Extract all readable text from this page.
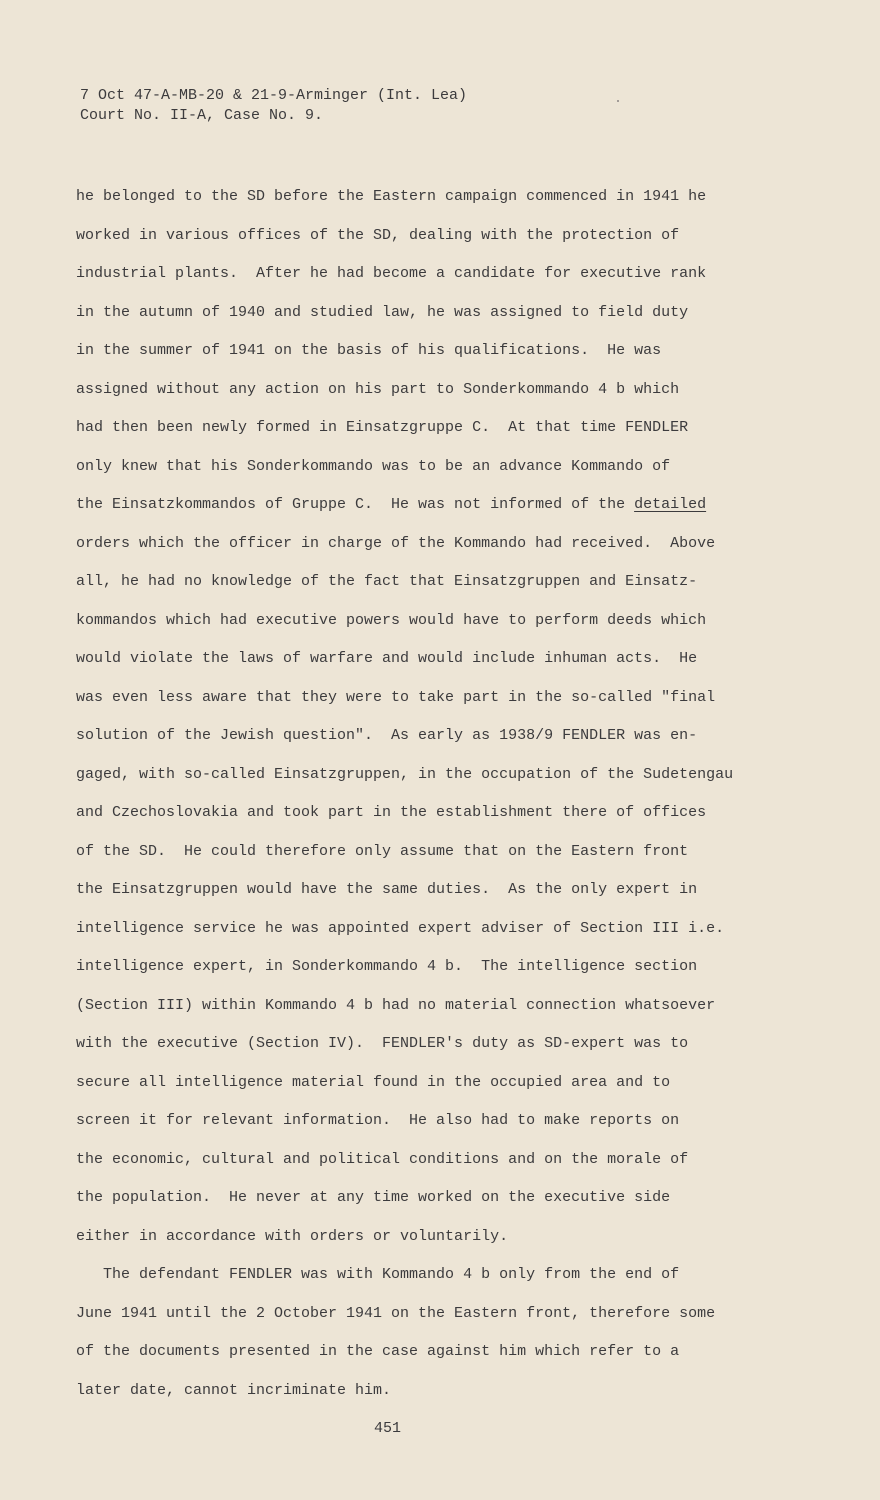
7 Oct 47-A-MB-20 & 21-9-Arminger (Int. Lea)
Court No. II-A, Case No. 9.
he belonged to the SD before the Eastern campaign commenced in 1941 he
worked in various offices of the SD, dealing with the protection of
industrial plants.  After he had become a candidate for executive rank
in the autumn of 1940 and studied law, he was assigned to field duty
in the summer of 1941 on the basis of his qualifications.  He was
assigned without any action on his part to Sonderkommando 4 b which
had then been newly formed in Einsatzgruppe C.  At that time FENDLER
only knew that his Sonderkommando was to be an advance Kommando of
the Einsatzkommandos of Gruppe C.  He was not informed of the detailed
orders which the officer in charge of the Kommando had received.  Above
all, he had no knowledge of the fact that Einsatzgruppen and Einsatz-
kommandos which had executive powers would have to perform deeds which
would violate the laws of warfare and would include inhuman acts.  He
was even less aware that they were to take part in the so-called "final
solution of the Jewish question".  As early as 1938/9 FENDLER was en-
gaged, with so-called Einsatzgruppen, in the occupation of the Sudetengau
and Czechoslovakia and took part in the establishment there of offices
of the SD.  He could therefore only assume that on the Eastern front
the Einsatzgruppen would have the same duties.  As the only expert in
intelligence service he was appointed expert adviser of Section III i.e.
intelligence expert, in Sonderkommando 4 b.  The intelligence section
(Section III) within Kommando 4 b had no material connection whatsoever
with the executive (Section IV).  FENDLER's duty as SD-expert was to
secure all intelligence material found in the occupied area and to
screen it for relevant information.  He also had to make reports on
the economic, cultural and political conditions and on the morale of
the population.  He never at any time worked on the executive side
either in accordance with orders or voluntarily.
The defendant FENDLER was with Kommando 4 b only from the end of
June 1941 until the 2 October 1941 on the Eastern front, therefore some
of the documents presented in the case against him which refer to a
later date, cannot incriminate him.
451
